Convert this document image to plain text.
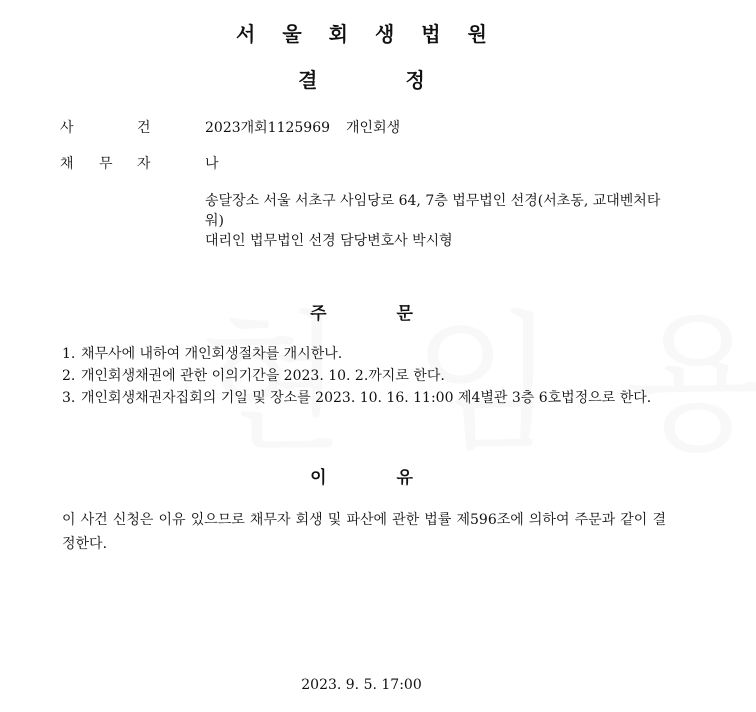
서울회생법원
결정
사	건	2023개회1125969 개인회생
채 무 자	나
송달장소 서울 서초구 사임당로 64, 7층 법무법인 선경(서초동, 교대벤처타워)
대리인 법무법인 선경 담당변호사 박시형
주	문
1. 채무사에 내하여 개인회생절차를 개시한나.
2. 개인회생채권에 관한 이의기간을 2023. 10. 2.까지로 한다.
3. 개인회생채권자집회의 기일 및 장소를 2023. 10. 16. 11:00 제4별관 3층 6호법정으로 한다.
이	유
이 사건 신청은 이유 있으므로 채무자 회생 및 파산에 관한 법률 제596조에 의하여 주문과 같이 결정한다.
2023. 9. 5. 17:00
